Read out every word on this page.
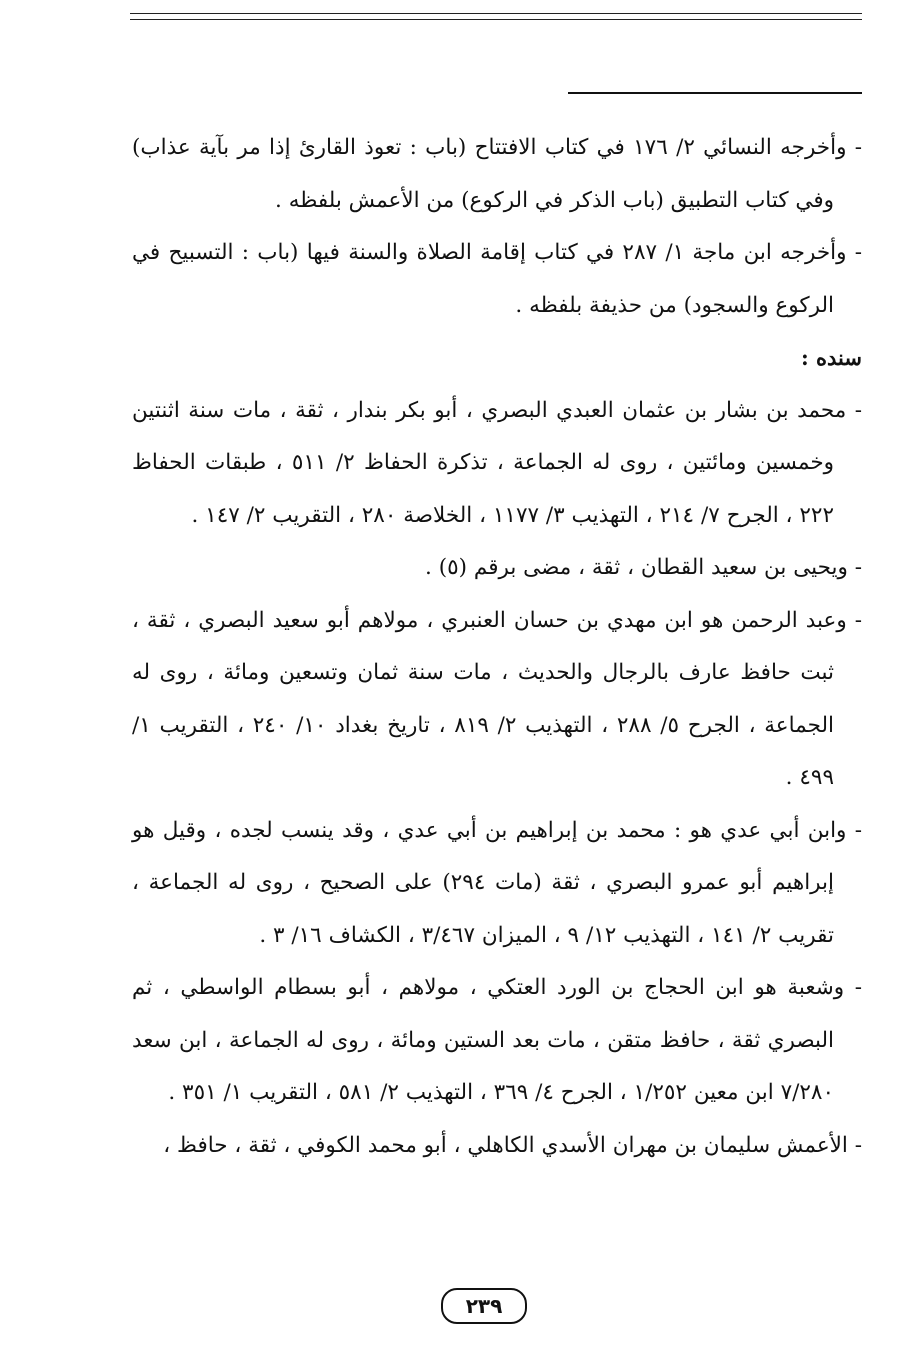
- وأخرجه النسائي ٢/ ١٧٦ في كتاب الافتتاح (باب : تعوذ القارئ إذا مر بآية عذاب) وفي كتاب التطبيق (باب الذكر في الركوع) من الأعمش بلفظه .

- وأخرجه ابن ماجة ١/ ٢٨٧ في كتاب إقامة الصلاة والسنة فيها (باب : التسبيح في الركوع والسجود) من حذيفة بلفظه .

سنده :

- محمد بن بشار بن عثمان العبدي البصري ، أبو بكر بندار ، ثقة ، مات سنة اثنتين وخمسين ومائتين ، روى له الجماعة ، تذكرة الحفاظ ٢/ ٥١١ ، طبقات الحفاظ ٢٢٢ ، الجرح ٧/ ٢١٤ ، التهذيب ٣/ ١١٧٧ ، الخلاصة ٢٨٠ ، التقريب ٢/ ١٤٧ .

- ويحيى بن سعيد القطان ، ثقة ، مضى برقم (٥) .

- وعبد الرحمن هو ابن مهدي بن حسان العنبري ، مولاهم أبو سعيد البصري ، ثقة ، ثبت حافظ عارف بالرجال والحديث ، مات سنة ثمان وتسعين ومائة ، روى له الجماعة ، الجرح ٥/ ٢٨٨ ، التهذيب ٢/ ٨١٩ ، تاريخ بغداد ١٠/ ٢٤٠ ، التقريب ١/ ٤٩٩ .

- وابن أبي عدي هو : محمد بن إبراهيم بن أبي عدي ، وقد ينسب لجده ، وقيل هو إبراهيم أبو عمرو البصري ، ثقة (مات ٢٩٤) على الصحيح ، روى له الجماعة ، تقريب ٢/ ١٤١ ، التهذيب ١٢/ ٩ ، الميزان ٣/٤٦٧ ، الكشاف ١٦/ ٣ .

- وشعبة هو ابن الحجاج بن الورد العتكي ، مولاهم ، أبو بسطام الواسطي ، ثم البصري ثقة ، حافظ متقن ، مات بعد الستين ومائة ، روى له الجماعة ، ابن سعد ٧/٢٨٠ ابن معين ١/٢٥٢ ، الجرح ٤/ ٣٦٩ ، التهذيب ٢/ ٥٨١ ، التقريب ١/ ٣٥١ .

- الأعمش سليمان بن مهران الأسدي الكاهلي ، أبو محمد الكوفي ، ثقة ، حافظ ،

٢٣٩
